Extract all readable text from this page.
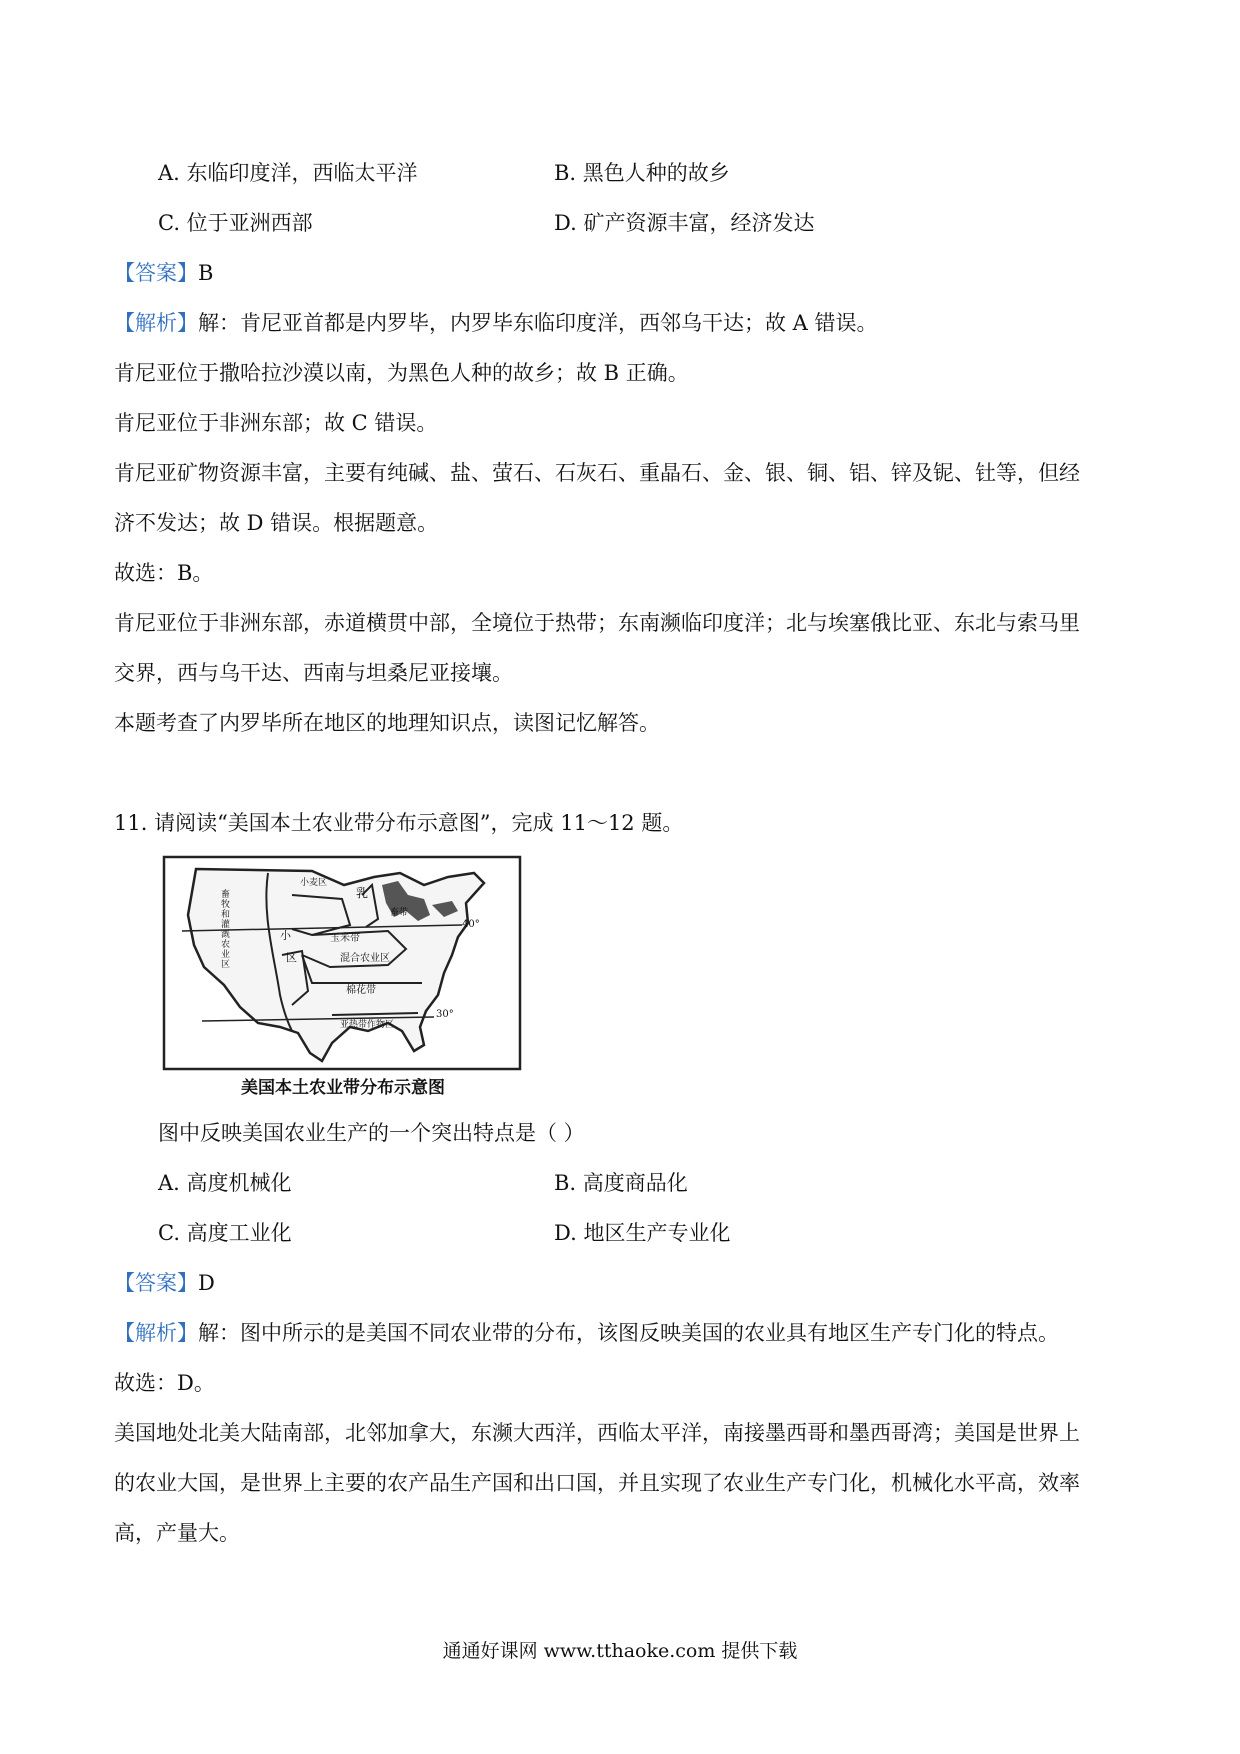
A. 东临印度洋，西临太平洋	B. 黑色人种的故乡
C. 位于亚洲西部	D. 矿产资源丰富，经济发达
【答案】B
【解析】解：肯尼亚首都是内罗毕，内罗毕东临印度洋，西邻乌干达；故 A 错误。
肯尼亚位于撒哈拉沙漠以南，为黑色人种的故乡；故 B 正确。
肯尼亚位于非洲东部；故 C 错误。
肯尼亚矿物资源丰富，主要有纯碱、盐、萤石、石灰石、重晶石、金、银、铜、铝、锌及铌、钍等，但经
济不发达；故 D 错误。根据题意。
故选：B。
肯尼亚位于非洲东部，赤道横贯中部，全境位于热带；东南濒临印度洋；北与埃塞俄比亚、东北与索马里
交界，西与乌干达、西南与坦桑尼亚接壤。
本题考查了内罗毕所在地区的地理知识点，读图记忆解答。
11. 请阅读“美国本土农业带分布示意图”，完成 11～12 题。
40°
30°
畜牧和灌溉农业区
小麦区
乳
畜带
小
区
玉米带
混合农业区
棉花带
亚热带作物区
美国本土农业带分布示意图
图中反映美国农业生产的一个突出特点是（ ）
A. 高度机械化	B. 高度商品化
C. 高度工业化	D. 地区生产专业化
【答案】D
【解析】解：图中所示的是美国不同农业带的分布，该图反映美国的农业具有地区生产专门化的特点。
故选：D。
美国地处北美大陆南部，北邻加拿大，东濒大西洋，西临太平洋，南接墨西哥和墨西哥湾；美国是世界上
的农业大国，是世界上主要的农产品生产国和出口国，并且实现了农业生产专门化，机械化水平高，效率
高，产量大。
通通好课网 www.tthaoke.com 提供下载
